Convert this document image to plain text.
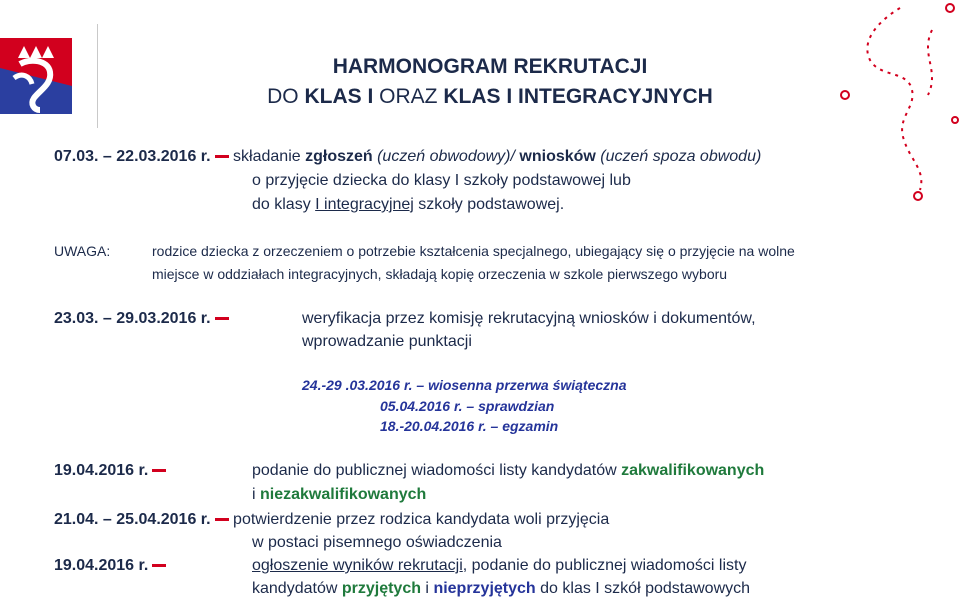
HARMONOGRAM REKRUTACJI
DO KLAS I ORAZ KLAS I INTEGRACYJNYCH
07.03. – 22.03.2016 r. składanie zgłoszeń (uczeń obwodowy)/ wniosków (uczeń spoza obwodu)
o przyjęcie dziecka do klasy I szkoły podstawowej lub
do klasy I integracyjnej szkoły podstawowej.
UWAGA:	rodzice dziecka z orzeczeniem o potrzebie kształcenia specjalnego, ubiegający się o przyjęcie na wolne
miejsce w oddziałach integracyjnych, składają kopię orzeczenia w szkole pierwszego wyboru
23.03. – 29.03.2016 r.	weryfikacja przez komisję rekrutacyjną wniosków i dokumentów,
wprowadzanie punktacji
24.-29 .03.2016 r. – wiosenna przerwa świąteczna
05.04.2016 r. – sprawdzian
18.-20.04.2016 r. – egzamin
19.04.2016 r.	podanie do publicznej wiadomości listy kandydatów zakwalifikowanych
i niezakwalifikowanych
21.04. – 25.04.2016 r. potwierdzenie przez rodzica kandydata woli przyjęcia
w postaci pisemnego oświadczenia
19.04.2016 r.	ogłoszenie wyników rekrutacji, podanie do publicznej wiadomości listy
kandydatów przyjętych i nieprzyjętych do klas I szkół podstawowych
